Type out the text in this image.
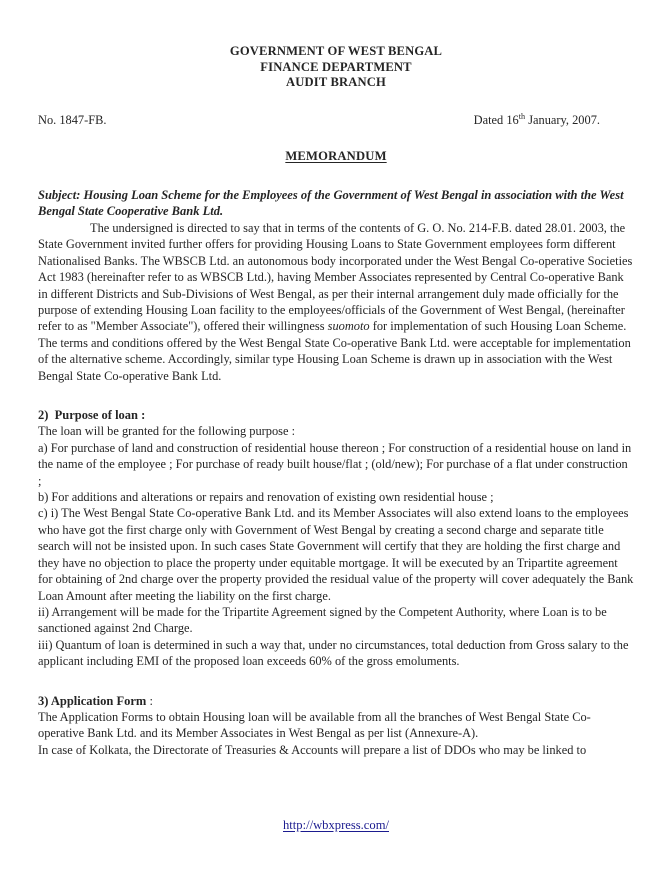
GOVERNMENT OF WEST BENGAL
FINANCE DEPARTMENT
AUDIT BRANCH
No. 1847-FB.	Dated 16th January, 2007.
MEMORANDUM
Subject: Housing Loan Scheme for the Employees of the Government of West Bengal in association with the West Bengal State Cooperative Bank Ltd.

The undersigned is directed to say that in terms of the contents of G. O. No. 214-F.B. dated 28.01. 2003, the State Government invited further offers for providing Housing Loans to State Government employees form different Nationalised Banks. The WBSCB Ltd. an autonomous body incorporated under the West Bengal Co-operative Societies Act 1983 (hereinafter refer to as WBSCB Ltd.), having Member Associates represented by Central Co-operative Bank in different Districts and Sub-Divisions of West Bengal, as per their internal arrangement duly made officially for the purpose of extending Housing Loan facility to the employees/officials of the Government of West Bengal, (hereinafter refer to as "Member Associate"), offered their willingness suomoto for implementation of such Housing Loan Scheme. The terms and conditions offered by the West Bengal State Co-operative Bank Ltd. were acceptable for implementation of the alternative scheme. Accordingly, similar type Housing Loan Scheme is drawn up in association with the West Bengal State Co-operative Bank Ltd.

2) Purpose of loan :

The loan will be granted for the following purpose :

a) For purchase of land and construction of residential house thereon ; For construction of a residential house on land in the name of the employee ; For purchase of ready built house/flat ; (old/new); For purchase of a flat under construction ;

b) For additions and alterations or repairs and renovation of existing own residential house ;

c) i) The West Bengal State Co-operative Bank Ltd. and its Member Associates will also extend loans to the employees who have got the first charge only with Government of West Bengal by creating a second charge and separate title search will not be insisted upon. In such cases State Government will certify that they are holding the first charge and they have no objection to place the property under equitable mortgage. It will be executed by an Tripartite agreement for obtaining of 2nd charge over the property provided the residual value of the property will cover adequately the Bank Loan Amount after meeting the liability on the first charge.

ii) Arrangement will be made for the Tripartite Agreement signed by the Competent Authority, where Loan is to be sanctioned against 2nd Charge.

iii) Quantum of loan is determined in such a way that, under no circumstances, total deduction from Gross salary to the applicant including EMI of the proposed loan exceeds 60% of the gross emoluments.

3) Application Form :

The Application Forms to obtain Housing loan will be available from all the branches of West Bengal State Co-operative Bank Ltd. and its Member Associates in West Bengal as per list (Annexure-A).

In case of Kolkata, the Directorate of Treasuries & Accounts will prepare a list of DDOs who may be linked to

http://wbxpress.com/
